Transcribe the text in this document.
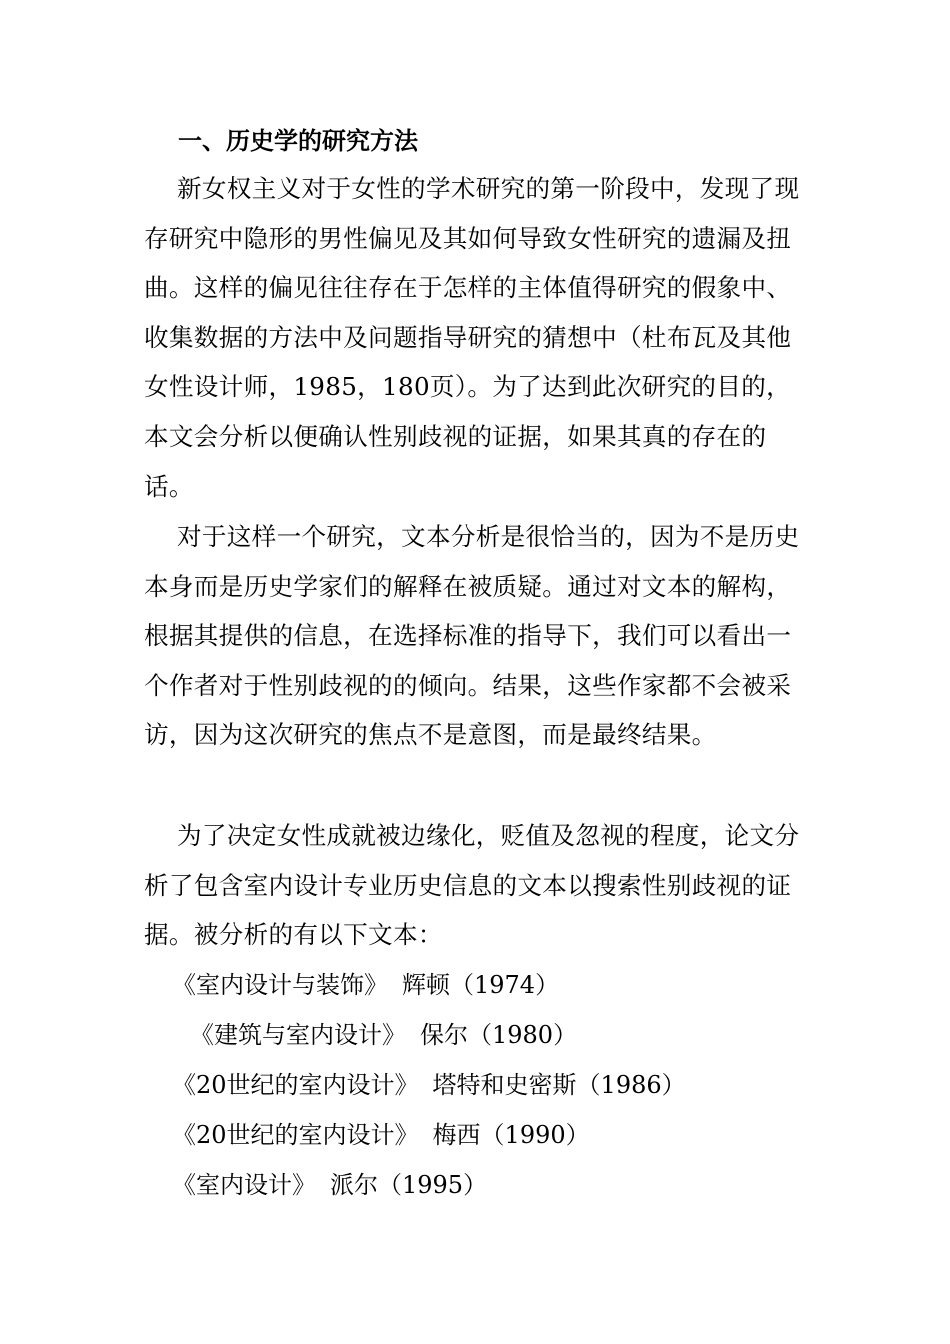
一、历史学的研究方法

新女权主义对于女性的学术研究的第一阶段中，发现了现存研究中隐形的男性偏见及其如何导致女性研究的遗漏及扭曲。这样的偏见往往存在于怎样的主体值得研究的假象中、收集数据的方法中及问题指导研究的猜想中（杜布瓦及其他女性设计师，1985，180页）。为了达到此次研究的目的，本文会分析以便确认性别歧视的证据，如果其真的存在的话。

对于这样一个研究，文本分析是很恰当的，因为不是历史本身而是历史学家们的解释在被质疑。通过对文本的解构，根据其提供的信息，在选择标准的指导下，我们可以看出一个作者对于性别歧视的的倾向。结果，这些作家都不会被采访，因为这次研究的焦点不是意图，而是最终结果。

为了决定女性成就被边缘化，贬值及忽视的程度，论文分析了包含室内设计专业历史信息的文本以搜索性别歧视的证据。被分析的有以下文本：

《室内设计与装饰》 辉顿（1974）

《建筑与室内设计》 保尔（1980）

《20世纪的室内设计》 塔特和史密斯（1986）

《20世纪的室内设计》 梅西（1990）

《室内设计》 派尔（1995）
